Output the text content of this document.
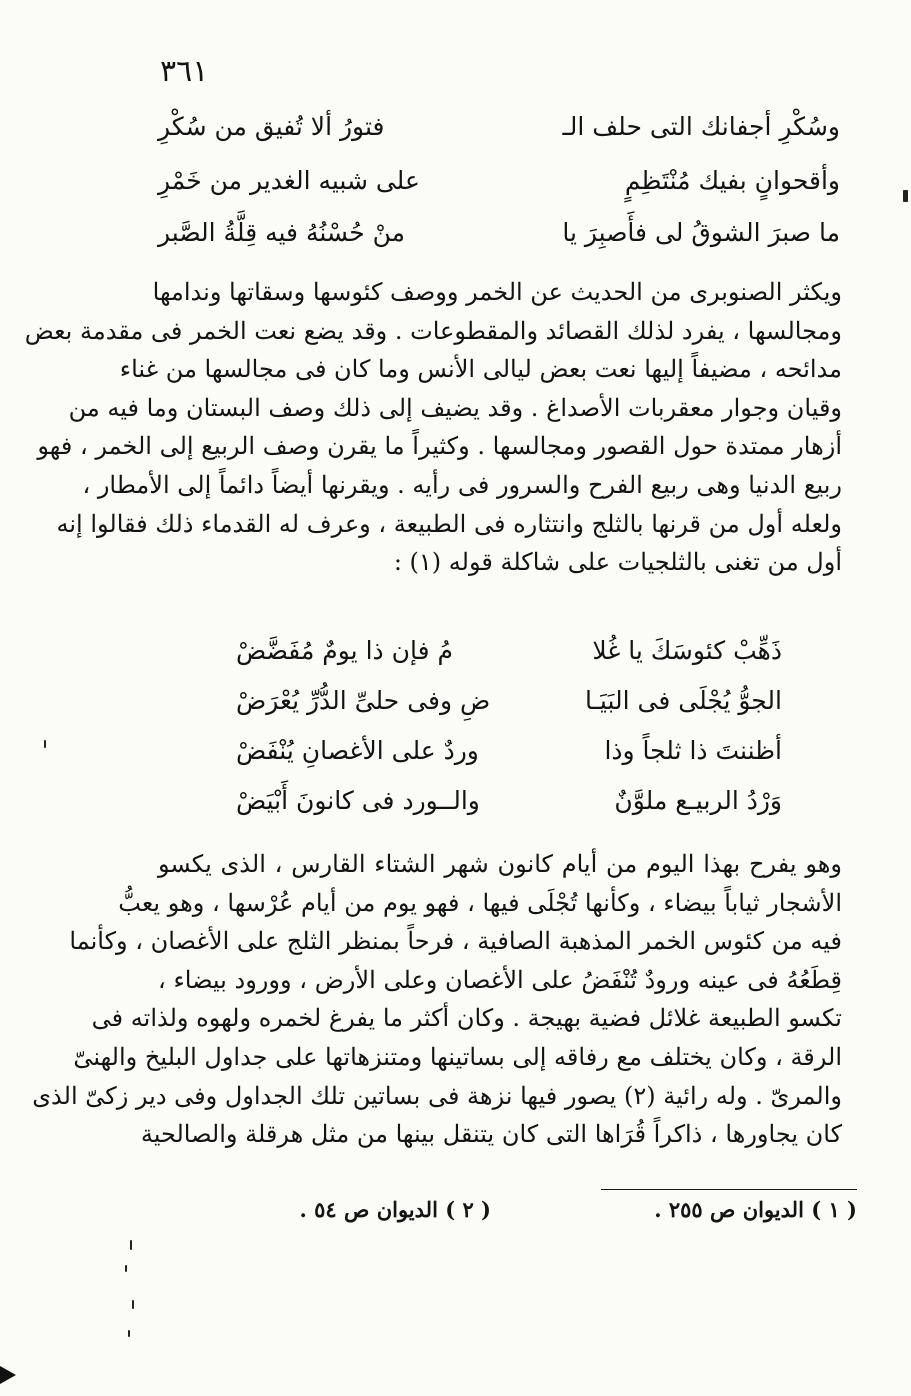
٣٦١
فتورُ ألا تُفيق من سُكْرِ	وسُكْرِ أجفانك التى حلف الـ
على شبيه الغدير من خَمْرِ	وأقحوانٍ بفيك مُنْتَظِمٍ
منْ حُسْنُهُ فيه قِلَّةُ الصَّبر	ما صبرَ الشوقُ لى فأَصبِرَ يا
ويكثر الصنوبرى من الحديث عن الخمر ووصف كئوسها وسقاتها وندامها
ومجالسها ، يفرد لذلك القصائد والمقطوعات . وقد يضع نعت الخمر فى مقدمة بعض
مدائحه ، مضيفاً إليها نعت بعض ليالى الأنس وما كان فى مجالسها من غناء
وقيان وجوار معقربات الأصداغ . وقد يضيف إلى ذلك وصف البستان وما فيه من
أزهار ممتدة حول القصور ومجالسها . وكثيراً ما يقرن وصف الربيع إلى الخمر ، فهو
ربيع الدنيا وهى ربيع الفرح والسرور فى رأيه . ويقرنها أيضاً دائماً إلى الأمطار ،
ولعله أول من قرنها بالثلج وانتثاره فى الطبيعة ، وعرف له القدماء ذلك فقالوا إنه
أول من تغنى بالثلجيات على شاكلة قوله (١) :
مُ فإن ذا يومٌ مُفَضَّضْ	ذَهِّبْ كئوسَكَ يا غُلا
ضِ وفى حلىِّ الدُّرِّ يُعْرَضْ	الجوُّ يُجْلَى فى البَيَـا
وردٌ على الأغصانِ يُنْفَضْ	أظننتَ ذا ثلجاً وذا
والــورد فى كانونَ أَبْيَضْ	وَرْدُ الربيـع ملوَّنٌ
وهو يفرح بهذا اليوم من أيام كانون شهر الشتاء القارس ، الذى يكسو
الأشجار ثياباً بيضاء ، وكأنها تُجْلَى فيها ، فهو يوم من أيام عُرْسها ، وهو يعبُّ
فيه من كئوس الخمر المذهبة الصافية ، فرحاً بمنظر الثلج على الأغصان ، وكأنما
قِطَعُهُ فى عينه ورودٌ تُنْفَضُ على الأغصان وعلى الأرض ، وورود بيضاء ،
تكسو الطبيعة غلائل فضية بهيجة . وكان أكثر ما يفرغ لخمره ولهوه ولذاته فى
الرقة ، وكان يختلف مع رفاقه إلى بساتينها ومتنزهاتها على جداول البليخ والهنىّ
والمرىّ . وله رائية (٢) يصور فيها نزهة فى بساتين تلك الجداول وفى دير زكىّ الذى
كان يجاورها ، ذاكراً قُرَاها التى كان يتنقل بينها من مثل هرقلة والصالحية
( ١ ) الديوان ص ٢٥٥ .
( ٢ ) الديوان ص ٥٤ .
